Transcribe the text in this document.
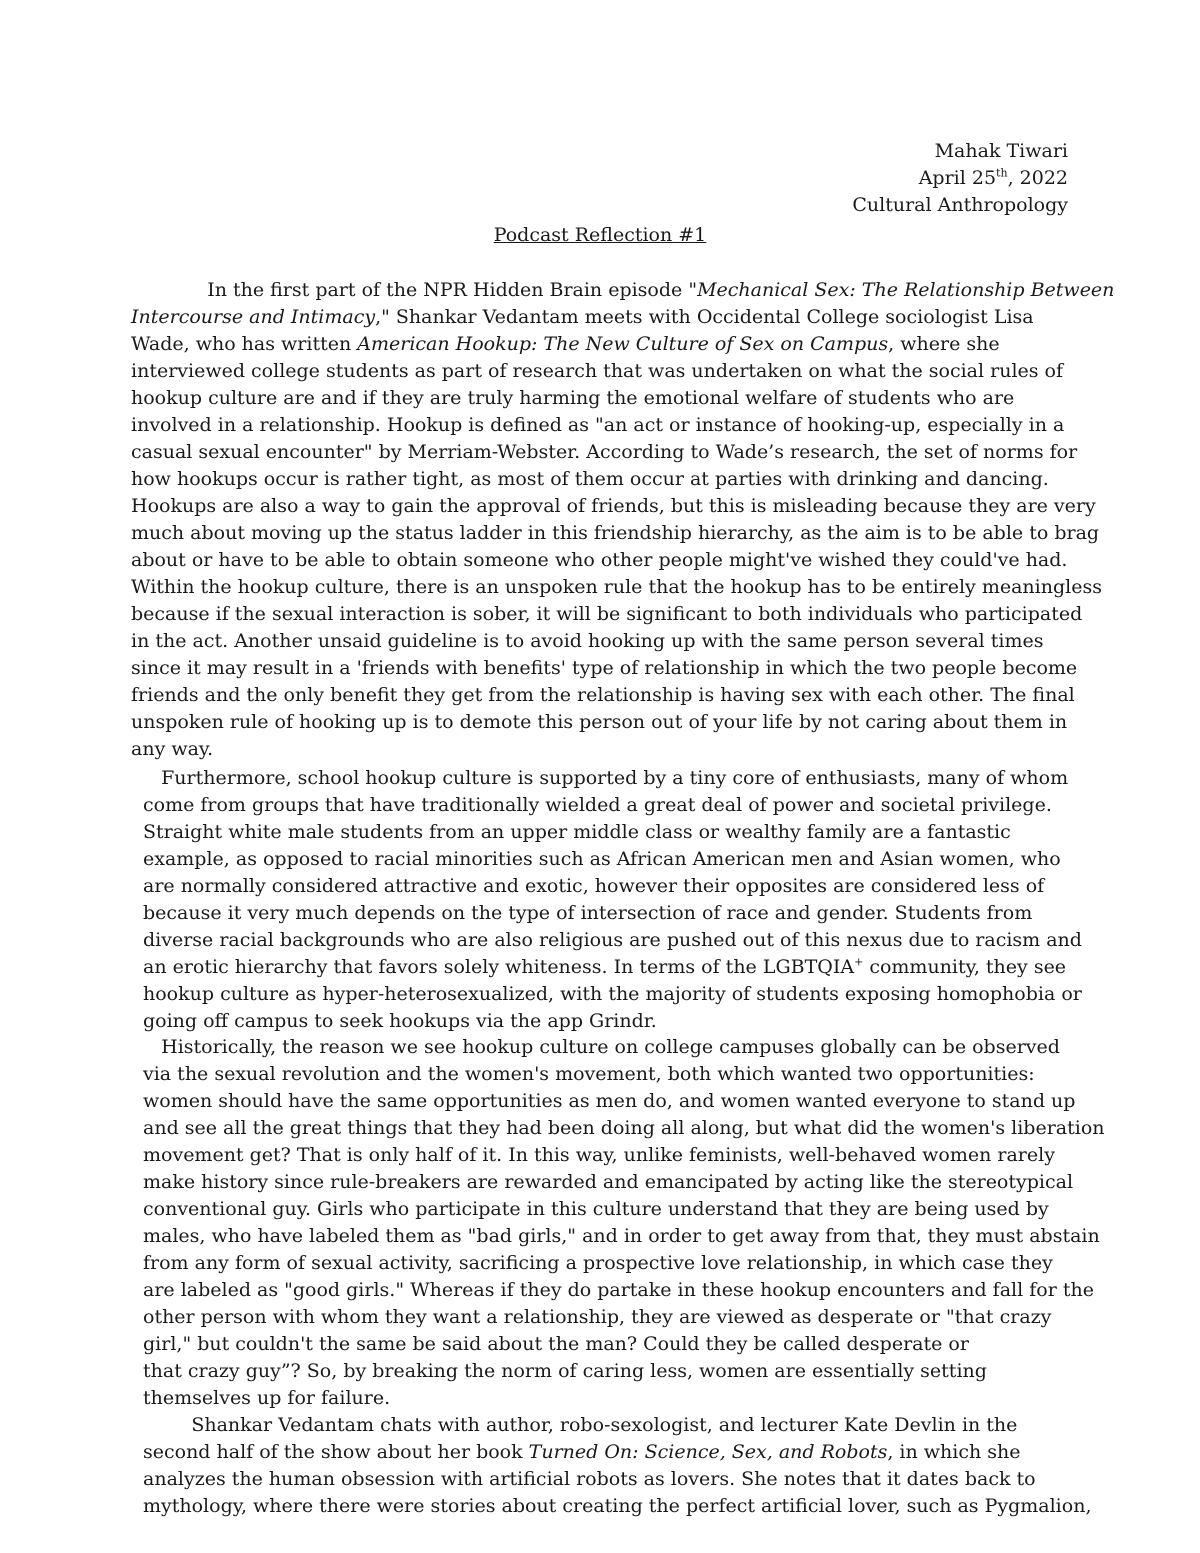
Mahak Tiwari
April 25th, 2022
Cultural Anthropology
Podcast Reflection #1
In the first part of the NPR Hidden Brain episode "Mechanical Sex: The Relationship Between
Intercourse and Intimacy," Shankar Vedantam meets with Occidental College sociologist Lisa
Wade, who has written American Hookup: The New Culture of Sex on Campus, where she
interviewed college students as part of research that was undertaken on what the social rules of
hookup culture are and if they are truly harming the emotional welfare of students who are
involved in a relationship. Hookup is defined as "an act or instance of hooking-up, especially in a
casual sexual encounter" by Merriam-Webster. According to Wade’s research, the set of norms for
how hookups occur is rather tight, as most of them occur at parties with drinking and dancing.
Hookups are also a way to gain the approval of friends, but this is misleading because they are very
much about moving up the status ladder in this friendship hierarchy, as the aim is to be able to brag
about or have to be able to obtain someone who other people might've wished they could've had.
Within the hookup culture, there is an unspoken rule that the hookup has to be entirely meaningless
because if the sexual interaction is sober, it will be significant to both individuals who participated
in the act. Another unsaid guideline is to avoid hooking up with the same person several times
since it may result in a 'friends with benefits' type of relationship in which the two people become
friends and the only benefit they get from the relationship is having sex with each other. The final
unspoken rule of hooking up is to demote this person out of your life by not caring about them in
any way.
Furthermore, school hookup culture is supported by a tiny core of enthusiasts, many of whom
come from groups that have traditionally wielded a great deal of power and societal privilege.
Straight white male students from an upper middle class or wealthy family are a fantastic
example, as opposed to racial minorities such as African American men and Asian women, who
are normally considered attractive and exotic, however their opposites are considered less of
because it very much depends on the type of intersection of race and gender. Students from
diverse racial backgrounds who are also religious are pushed out of this nexus due to racism and
an erotic hierarchy that favors solely whiteness. In terms of the LGBTQIA+ community, they see
hookup culture as hyper-heterosexualized, with the majority of students exposing homophobia or
going off campus to seek hookups via the app Grindr.
Historically, the reason we see hookup culture on college campuses globally can be observed
via the sexual revolution and the women's movement, both which wanted two opportunities:
women should have the same opportunities as men do, and women wanted everyone to stand up
and see all the great things that they had been doing all along, but what did the women's liberation
movement get? That is only half of it. In this way, unlike feminists, well-behaved women rarely
make history since rule-breakers are rewarded and emancipated by acting like the stereotypical
conventional guy. Girls who participate in this culture understand that they are being used by
males, who have labeled them as "bad girls," and in order to get away from that, they must abstain
from any form of sexual activity, sacrificing a prospective love relationship, in which case they
are labeled as "good girls." Whereas if they do partake in these hookup encounters and fall for the
other person with whom they want a relationship, they are viewed as desperate or "that crazy
girl," but couldn't the same be said about the man? Could they be called desperate or
that crazy guy”? So, by breaking the norm of caring less, women are essentially setting
themselves up for failure.
Shankar Vedantam chats with author, robo-sexologist, and lecturer Kate Devlin in the
second half of the show about her book Turned On: Science, Sex, and Robots, in which she
analyzes the human obsession with artificial robots as lovers. She notes that it dates back to
mythology, where there were stories about creating the perfect artificial lover, such as Pygmalion,
